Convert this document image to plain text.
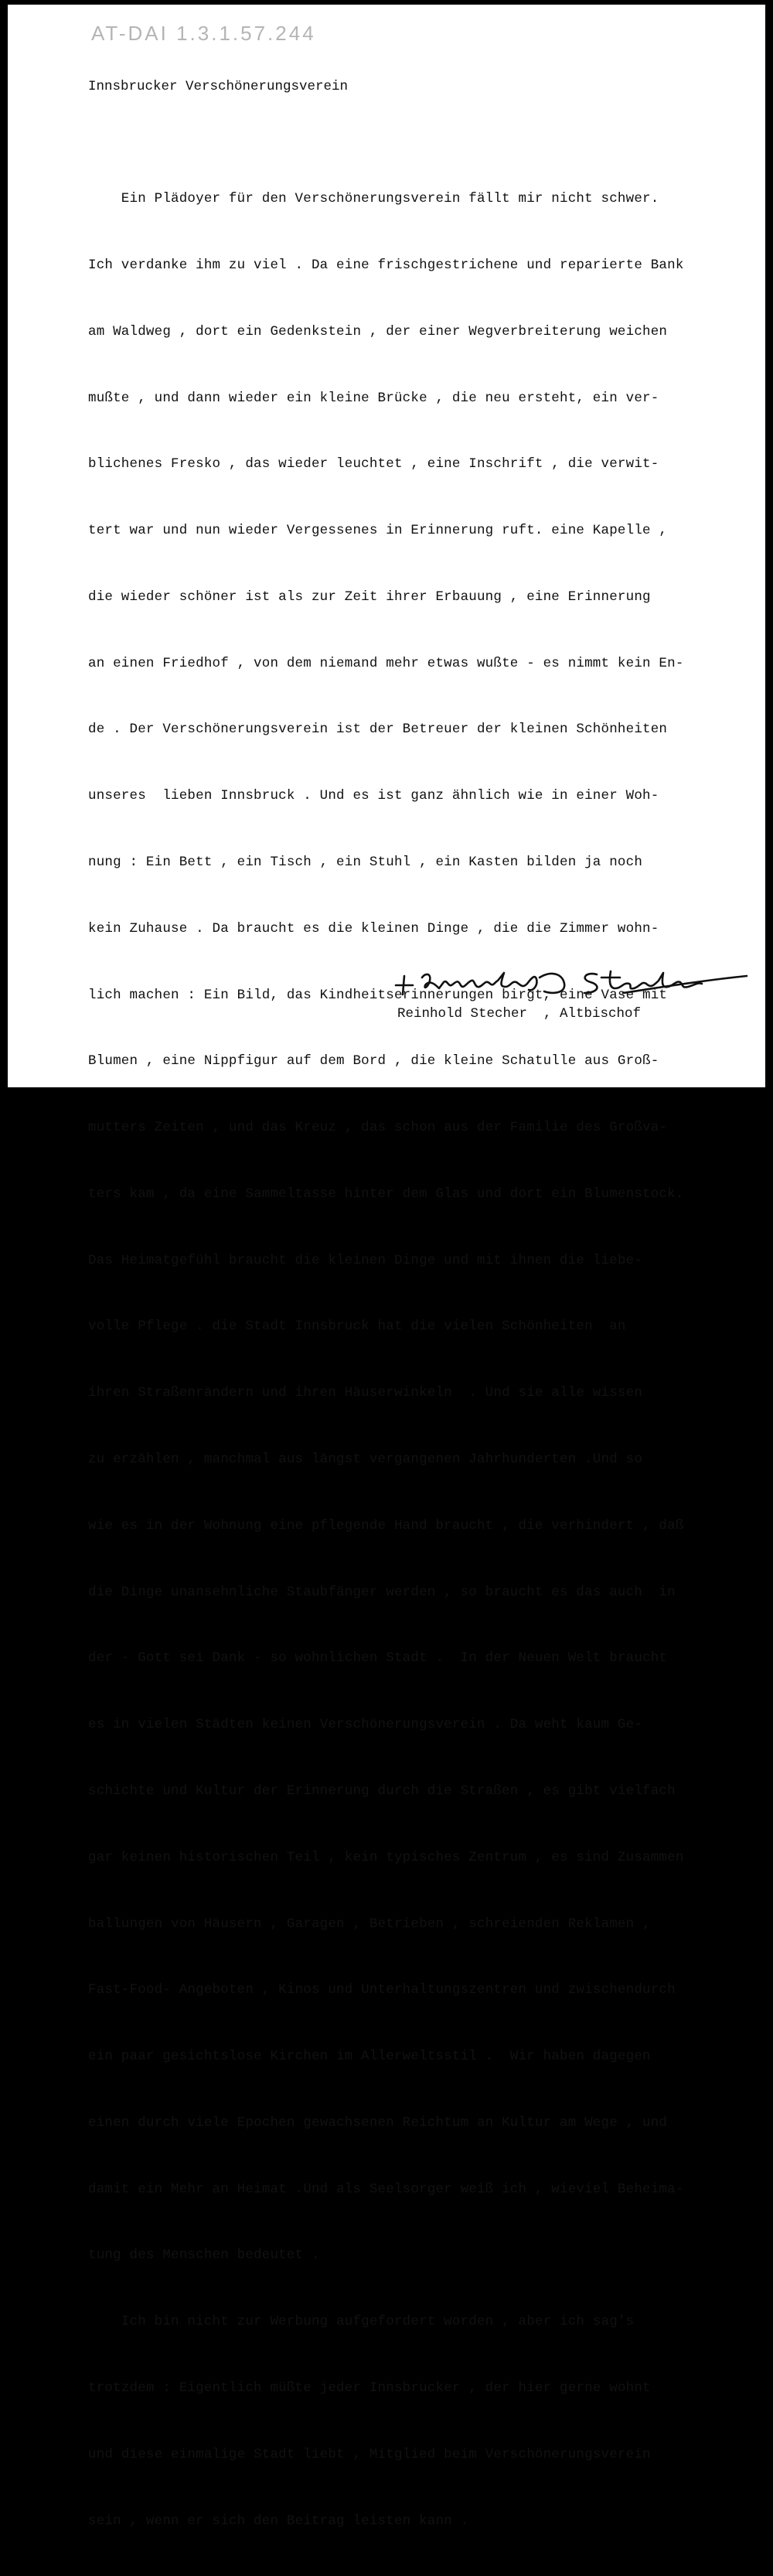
AT-DAI 1.3.1.57.244
Innsbrucker Verschönerungsverein

Ein Plädoyer für den Verschönerungsverein fällt mir nicht schwer.

Ich verdanke ihm zu viel . Da eine frischgestrichene und reparierte Bank

am Waldweg , dort ein Gedenkstein , der einer Wegverbreiterung weichen

mußte , und dann wieder ein kleine Brücke , die neu ersteht, ein ver-

blichenes Fresko , das wieder leuchtet , eine Inschrift , die verwit-

tert war und nun wieder Vergessenes in Erinnerung ruft. eine Kapelle ,

die wieder schöner ist als zur Zeit ihrer Erbauung , eine Erinnerung

an einen Friedhof , von dem niemand mehr etwas wußte - es nimmt kein En-

de . Der Verschönerungsverein ist der Betreuer der kleinen Schönheiten

unseres  lieben Innsbruck . Und es ist ganz ähnlich wie in einer Woh-

nung : Ein Bett , ein Tisch , ein Stuhl , ein Kasten bilden ja noch

kein Zuhause . Da braucht es die kleinen Dinge , die die Zimmer wohn-

lich machen : Ein Bild, das Kindheitserinnerungen birgt, eine Vase mit

Blumen , eine Nippfigur auf dem Bord , die kleine Schatulle aus Groß-

mutters Zeiten , und das Kreuz , das schon aus der Familie des Großva-

ters kam , da eine Sammeltasse hinter dem Glas und dort ein Blumenstock.

Das Heimatgefühl braucht die kleinen Dinge und mit ihnen die liebe-

volle Pflege . die Stadt Innsbruck hat die vielen Schönheiten  an

ihren Straßenrändern und ihren Häuserwinkeln  . Und sie alle wissen

zu erzählen , manchmal aus längst vergangenen Jahrhunderten .Und so

wie es in der Wohnung eine pflegende Hand braucht , die verhindert , daß

die Dinge unansehnliche Staubfänger werden , so braucht es das auch  in

der - Gott sei Dank - so wohnlichen Stadt .  In der Neuen Welt braucht

es in vielen Städten keinen Verschönerungsverein . Da weht kaum Ge-

schichte und Kultur der Erinnerung durch die Straßen , es gibt vielfach

gar keinen historischen Teil , kein typisches Zentrum , es sind Zusammen

ballungen von Häusern , Garagen , Betrieben , schreienden Reklamen ,

Fast-Food- Angeboten , Kinos und Unterhaltungszentren und zwischendurch

ein paar gesichtslose Kirchen im Allerweltsstil .  Wir haben dagegen

einen durch viele Epochen gewachsenen Reichtum an Kultur am Wege , und

damit ein Mehr an Heimat .Und als Seelsorger weiß ich , wieviel Beheima-

tung des Menschen bedeutet .

Ich bin nicht zur Werbung aufgefordert worden , aber ich sag's

trotzdem : Eigentlich müßte jeder Innsbrucker , der hier gerne wohnt

und diese einmalige Stadt liebt , Mitglied beim Verschönerungsverein

sein , wenn er sich den Beitrag leisten kann .

+ Reinhold Stecher
Reinhold Stecher  , Altbischof
